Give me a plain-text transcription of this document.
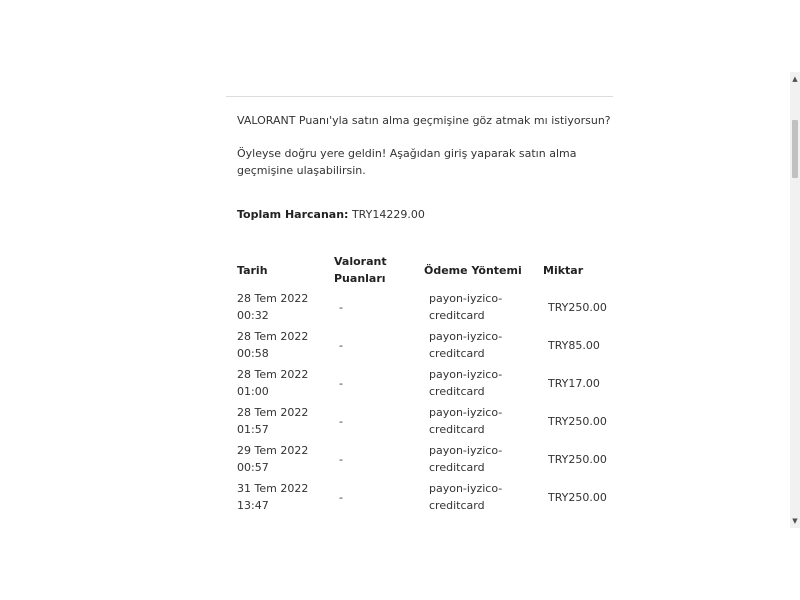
VALORANT Puanı'yla satın alma geçmişine göz atmak mı istiyorsun?

Öyleyse doğru yere geldin! Aşağıdan giriş yaparak satın alma geçmişine ulaşabilirsin.

Toplam Harcanan: TRY14229.00

Tarih	Valorant Puanları	Ödeme Yöntemi	Miktar
28 Tem 2022 00:32	-	payon-iyzico-creditcard	TRY250.00
28 Tem 2022 00:58	-	payon-iyzico-creditcard	TRY85.00
28 Tem 2022 01:00	-	payon-iyzico-creditcard	TRY17.00
28 Tem 2022 01:57	-	payon-iyzico-creditcard	TRY250.00
29 Tem 2022 00:57	-	payon-iyzico-creditcard	TRY250.00
31 Tem 2022 13:47	-	payon-iyzico-creditcard	TRY250.00
▲
▼
